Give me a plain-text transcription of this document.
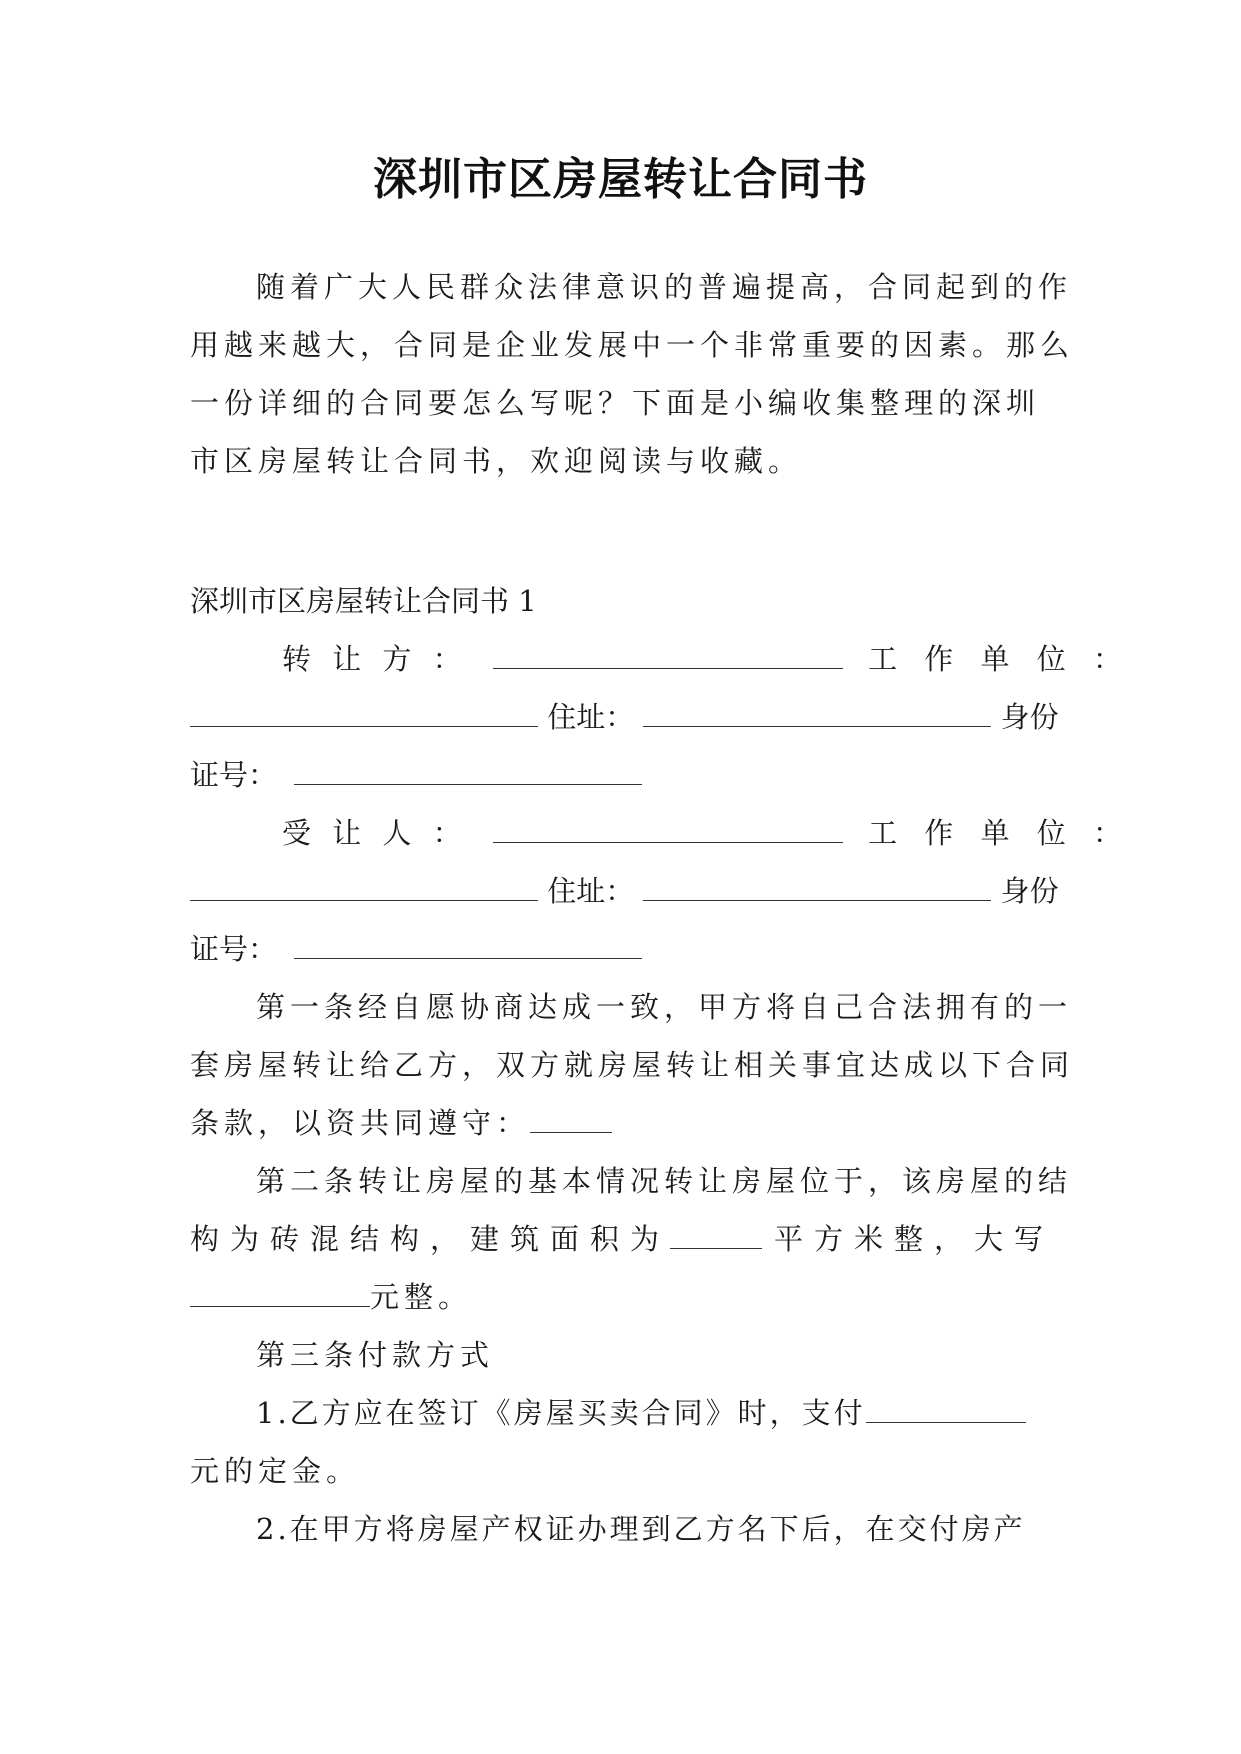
深圳市区房屋转让合同书
随着广大人民群众法律意识的普遍提高，合同起到的作
用越来越大，合同是企业发展中一个非常重要的因素。那么
一份详细的合同要怎么写呢？下面是小编收集整理的深圳
市区房屋转让合同书，欢迎阅读与收藏。
深圳市区房屋转让合同书 1
转 让 方 ：	工 作 单 位 ：
住址：	身份
证号：
受 让 人 ：	工 作 单 位 ：
住址：	身份
证号：
第一条经自愿协商达成一致，甲方将自己合法拥有的一
套房屋转让给乙方，双方就房屋转让相关事宜达成以下合同
条款，以资共同遵守：
第二条转让房屋的基本情况转让房屋位于，该房屋的结
构为砖混结构，建筑面积为	平方米整，大写
元整。
第三条付款方式
1.乙方应在签订《房屋买卖合同》时，支付
元的定金。
2.在甲方将房屋产权证办理到乙方名下后，在交付房产
